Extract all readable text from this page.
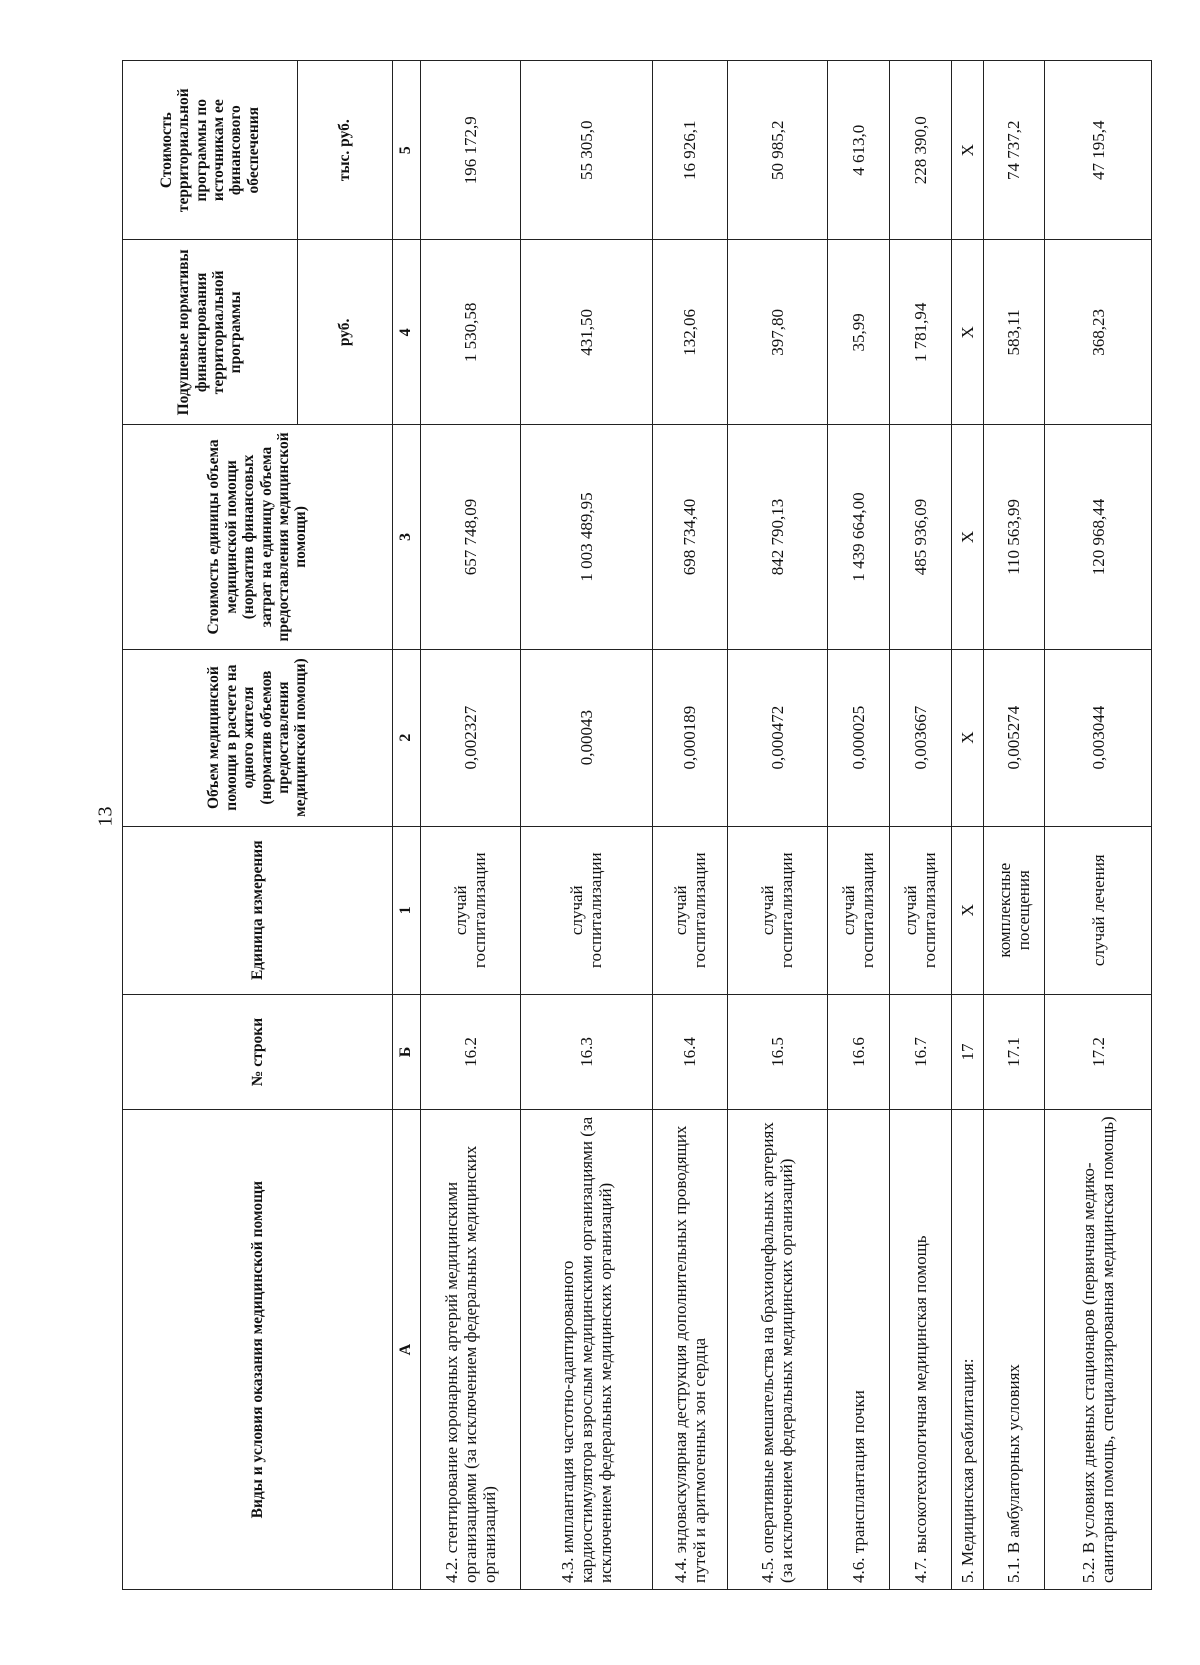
13
Виды и условия оказания медицинской помощи	№ строки	Единица измерения	Объем медицинской помощи в расчете на одного жителя (норматив объемов предоставления медицинской помощи)	Стоимость единицы объема медицинской помощи (норматив финансовых затрат на единицу объема предоставления медицинской помощи)	Подушевые нормативы финансирования территориальной программы	Стоимость территориальной программы по источникам ее финансового обеспечения
					руб.	тыс. руб.
А	Б	1	2	3	4	5
4.2. стентирование коронарных артерий медицинскими организациями (за исключением федеральных медицинских организаций)	16.2	случай госпитализации	0,002327	657 748,09	1 530,58	196 172,9
4.3. имплантация частотно-адаптированного кардиостимулятора взрослым медицинскими организациями (за исключением федеральных медицинских организаций)	16.3	случай госпитализации	0,00043	1 003 489,95	431,50	55 305,0
4.4. эндоваскулярная деструкция дополнительных проводящих путей и аритмогенных зон сердца	16.4	случай госпитализации	0,000189	698 734,40	132,06	16 926,1
4.5. оперативные вмешательства на брахиоцефальных артериях (за исключением федеральных медицинских организаций)	16.5	случай госпитализации	0,000472	842 790,13	397,80	50 985,2
4.6. трансплантация почки	16.6	случай госпитализации	0,000025	1 439 664,00	35,99	4 613,0
4.7. высокотехнологичная медицинская помощь	16.7	случай госпитализации	0,003667	485 936,09	1 781,94	228 390,0
5. Медицинская реабилитация:	17	Х	Х	Х	Х	Х
5.1. В амбулаторных условиях	17.1	комплексные посещения	0,005274	110 563,99	583,11	74 737,2
5.2. В условиях дневных стационаров (первичная медико-санитарная помощь, специализированная медицинская помощь)	17.2	случай лечения	0,003044	120 968,44	368,23	47 195,4
